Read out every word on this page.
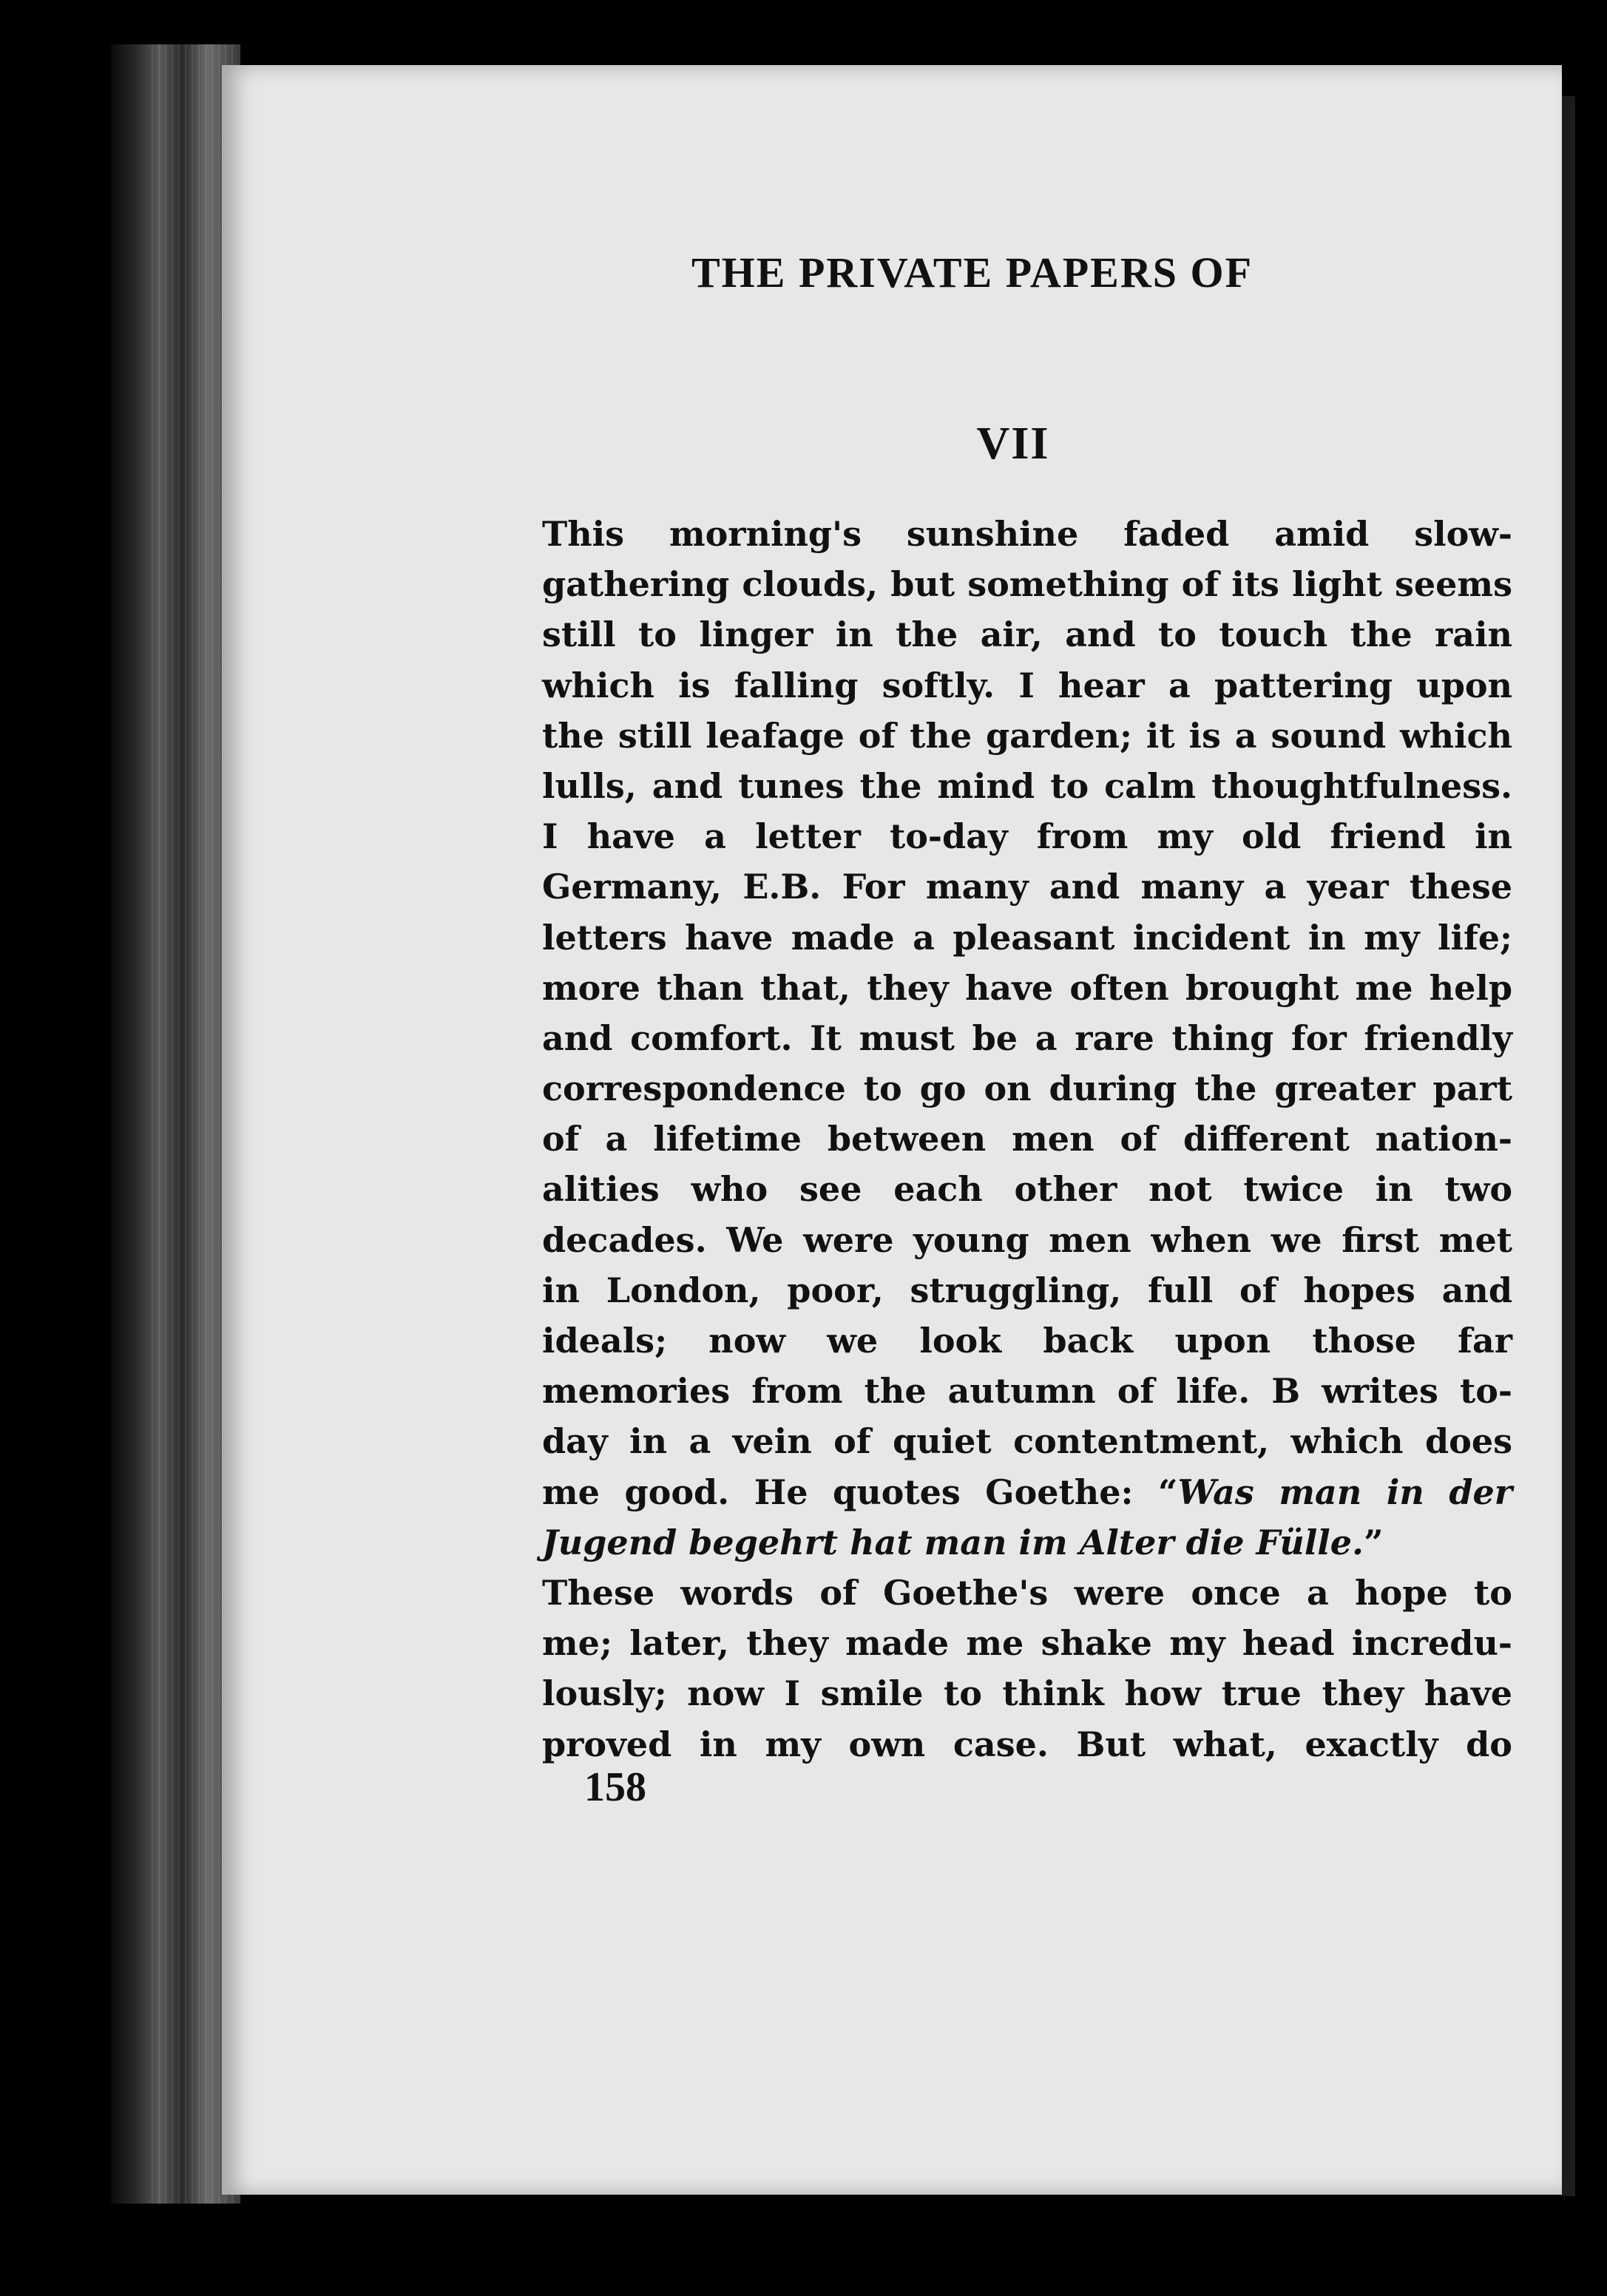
THE PRIVATE PAPERS OF
VII
This morning's sunshine faded amid slow-
gathering clouds, but something of its light seems
still to linger in the air, and to touch the rain
which is falling softly. I hear a pattering upon
the still leafage of the garden; it is a sound which
lulls, and tunes the mind to calm thoughtfulness.
I have a letter to-day from my old friend in
Germany, E.B. For many and many a year these
letters have made a pleasant incident in my life;
more than that, they have often brought me help
and comfort. It must be a rare thing for friendly
correspondence to go on during the greater part
of a lifetime between men of different nation-
alities who see each other not twice in two
decades. We were young men when we first met
in London, poor, struggling, full of hopes and
ideals; now we look back upon those far
memories from the autumn of life. B writes to-
day in a vein of quiet contentment, which does
me good. He quotes Goethe: “Was man in der
Jugend begehrt hat man im Alter die Fülle.”
These words of Goethe's were once a hope to
me; later, they made me shake my head incredu-
lously; now I smile to think how true they have
proved in my own case. But what, exactly do
158
